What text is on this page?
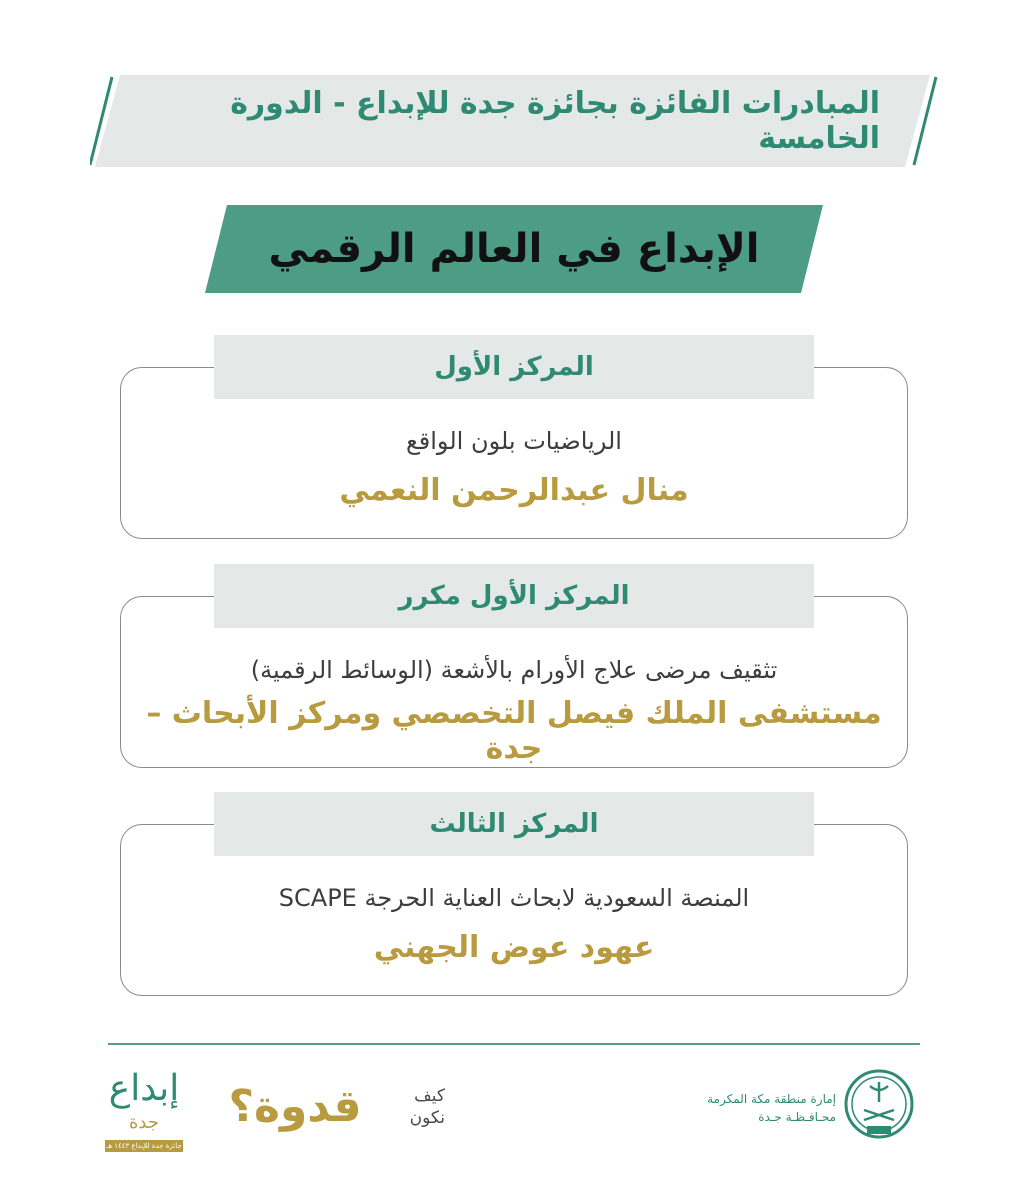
المبادرات الفائزة بجائزة جدة للإبداع - الدورة الخامسة
الإبداع في العالم الرقمي
المركز الأول
الرياضيات بلون الواقع
منال عبدالرحمن النعمي
المركز الأول مكرر
تثقيف مرضى علاج الأورام بالأشعة (الوسائط الرقمية)
مستشفى الملك فيصل التخصصي ومركز الأبحاث – جدة
المركز الثالث
المنصة السعودية لابحاث العناية الحرجة SCAPE
عهود عوض الجهني
إمارة منطقة مكة المكرمة
محـافـظـة جـدة
قدوة؟	كيف
نكون
إبداع
جدة
جائزة جدة للإبداع ١٤٤٣ هـ
